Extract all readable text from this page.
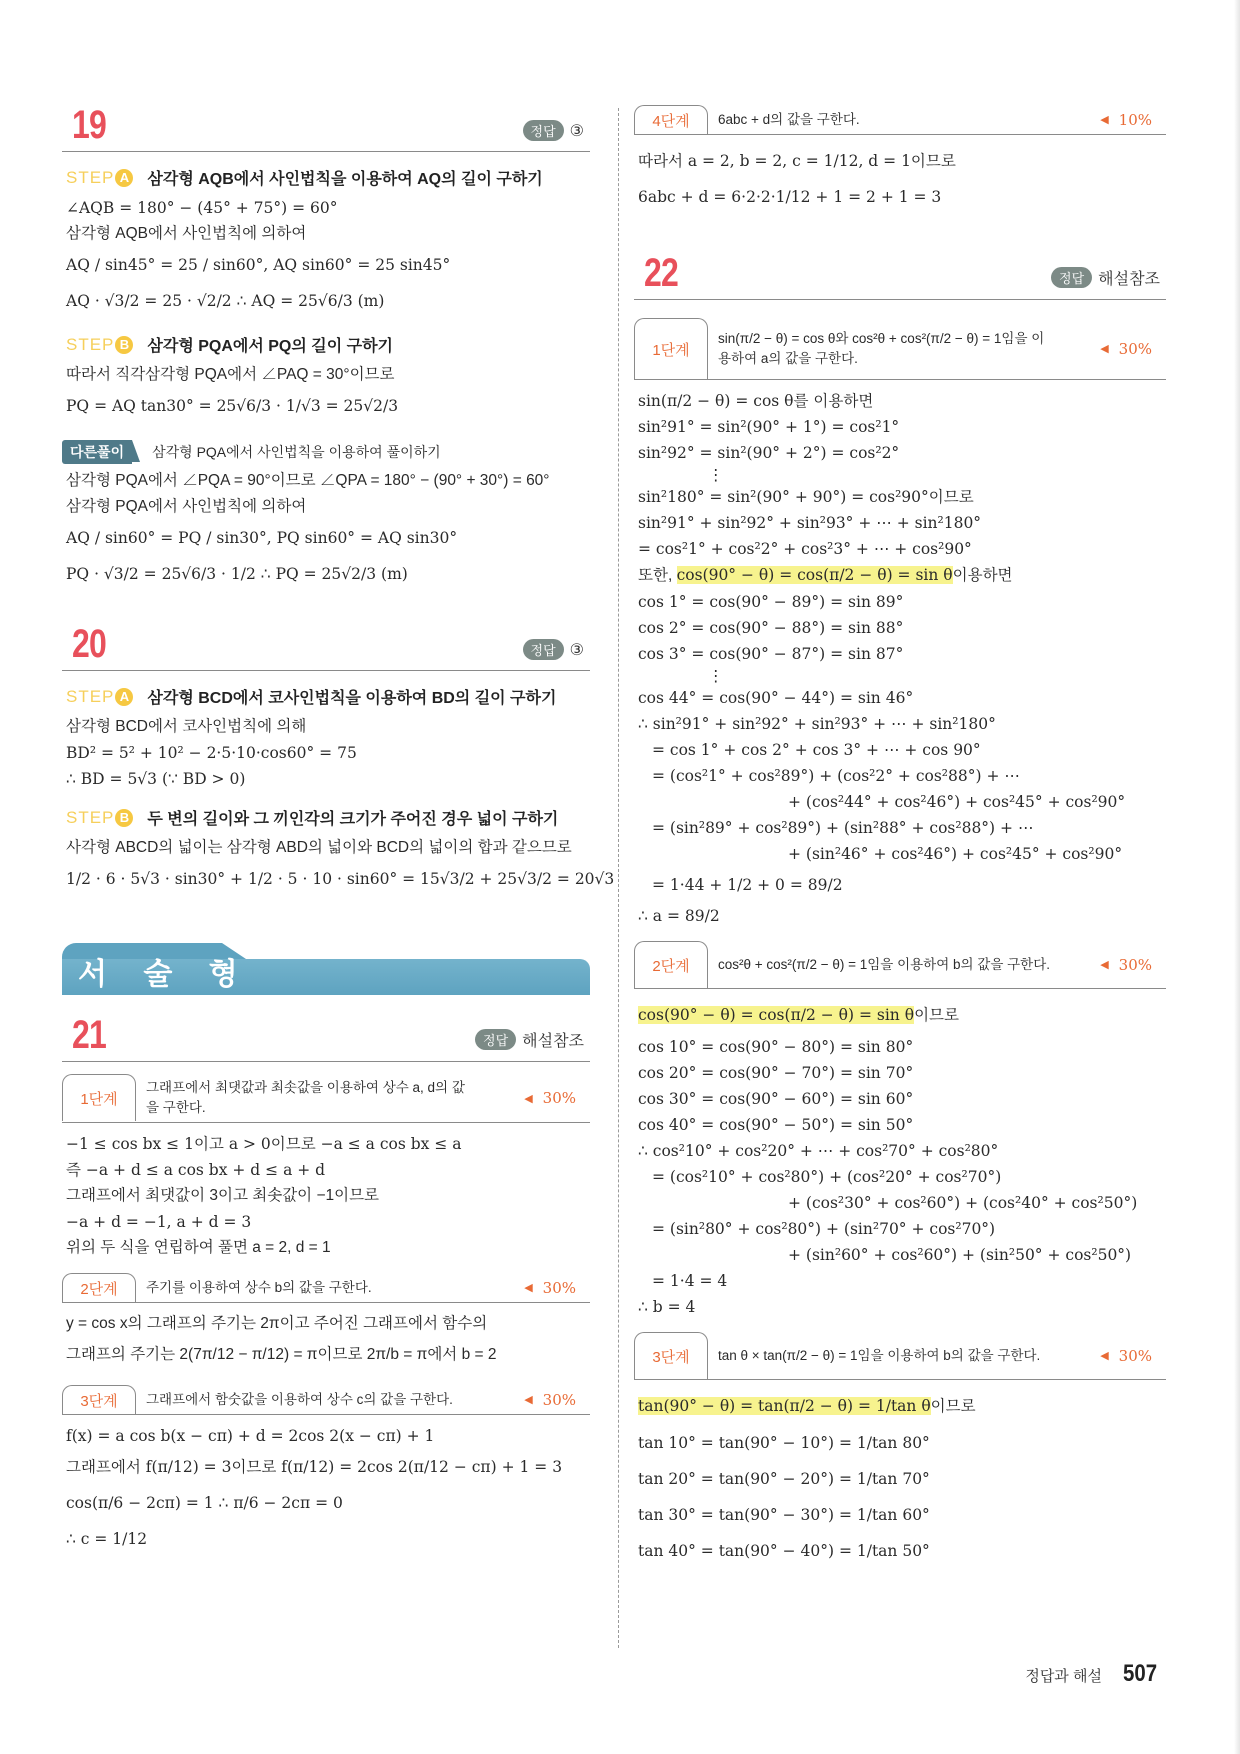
19	정답 ③
STEP A 삼각형 AQB에서 사인법칙을 이용하여 AQ의 길이 구하기
∠AQB = 180° − (45° + 75°) = 60°
삼각형 AQB에서 사인법칙에 의하여
AQ / sin45° = 25 / sin60°, AQ sin60° = 25 sin45°
AQ · √3/2 = 25 · √2/2 ∴ AQ = 25√6/3 (m)
STEP B 삼각형 PQA에서 PQ의 길이 구하기
따라서 직각삼각형 PQA에서 ∠PAQ = 30°이므로
PQ = AQ tan30° = 25√6/3 · 1/√3 = 25√2/3
다른풀이	삼각형 PQA에서 사인법칙을 이용하여 풀이하기
삼각형 PQA에서 ∠PQA = 90°이므로 ∠QPA = 180° − (90° + 30°) = 60°
삼각형 PQA에서 사인법칙에 의하여
AQ / sin60° = PQ / sin30°, PQ sin60° = AQ sin30°
PQ · √3/2 = 25√6/3 · 1/2 ∴ PQ = 25√2/3 (m)
20	정답 ③
STEP A 삼각형 BCD에서 코사인법칙을 이용하여 BD의 길이 구하기
삼각형 BCD에서 코사인법칙에 의해
BD² = 5² + 10² − 2·5·10·cos60° = 75
∴ BD = 5√3 (∵ BD > 0)
STEP B 두 변의 길이와 그 끼인각의 크기가 주어진 경우 넓이 구하기
사각형 ABCD의 넓이는 삼각형 ABD의 넓이와 BCD의 넓이의 합과 같으므로
1/2 · 6 · 5√3 · sin30° + 1/2 · 5 · 10 · sin60° = 15√3/2 + 25√3/2 = 20√3
서 술 형
21	정답 해설참조
1단계
그래프에서 최댓값과 최솟값을 이용하여 상수 a, d의 값을 구한다.
◀ 30%
−1 ≤ cos bx ≤ 1이고 a > 0이므로 −a ≤ a cos bx ≤ a
즉 −a + d ≤ a cos bx + d ≤ a + d
그래프에서 최댓값이 3이고 최솟값이 −1이므로
−a + d = −1, a + d = 3
위의 두 식을 연립하여 풀면 a = 2, d = 1
2단계	주기를 이용하여 상수 b의 값을 구한다.	◀ 30%
y = cos x의 그래프의 주기는 2π이고 주어진 그래프에서 함수의
그래프의 주기는 2(7π/12 − π/12) = π이므로 2π/b = π에서 b = 2
3단계	그래프에서 함숫값을 이용하여 상수 c의 값을 구한다.	◀ 30%
f(x) = a cos b(x − cπ) + d = 2cos 2(x − cπ) + 1
그래프에서 f(π/12) = 3이므로 f(π/12) = 2cos 2(π/12 − cπ) + 1 = 3
cos(π/6 − 2cπ) = 1 ∴ π/6 − 2cπ = 0
∴ c = 1/12
4단계	6abc + d의 값을 구한다.	◀ 10%
따라서 a = 2, b = 2, c = 1/12, d = 1이므로
6abc + d = 6·2·2·1/12 + 1 = 2 + 1 = 3
22	정답 해설참조
1단계
sin(π/2 − θ) = cos θ와 cos²θ + cos²(π/2 − θ) = 1임을 이용하여 a의 값을 구한다.
◀ 30%
sin(π/2 − θ) = cos θ를 이용하면
sin²91° = sin²(90° + 1°) = cos²1°
sin²92° = sin²(90° + 2°) = cos²2°
⋮
sin²180° = sin²(90° + 90°) = cos²90°이므로
sin²91° + sin²92° + sin²93° + ⋯ + sin²180°
= cos²1° + cos²2° + cos²3° + ⋯ + cos²90°
또한, cos(90° − θ) = cos(π/2 − θ) = sin θ이용하면
cos 1° = cos(90° − 89°) = sin 89°
cos 2° = cos(90° − 88°) = sin 88°
cos 3° = cos(90° − 87°) = sin 87°
⋮
cos 44° = cos(90° − 44°) = sin 46°
∴ sin²91° + sin²92° + sin²93° + ⋯ + sin²180°
= cos 1° + cos 2° + cos 3° + ⋯ + cos 90°
= (cos²1° + cos²89°) + (cos²2° + cos²88°) + ⋯
+ (cos²44° + cos²46°) + cos²45° + cos²90°
= (sin²89° + cos²89°) + (sin²88° + cos²88°) + ⋯
+ (sin²46° + cos²46°) + cos²45° + cos²90°
= 1·44 + 1/2 + 0 = 89/2
∴ a = 89/2
2단계	cos²θ + cos²(π/2 − θ) = 1임을 이용하여 b의 값을 구한다.	◀ 30%
cos(90° − θ) = cos(π/2 − θ) = sin θ이므로
cos 10° = cos(90° − 80°) = sin 80°
cos 20° = cos(90° − 70°) = sin 70°
cos 30° = cos(90° − 60°) = sin 60°
cos 40° = cos(90° − 50°) = sin 50°
∴ cos²10° + cos²20° + ⋯ + cos²70° + cos²80°
= (cos²10° + cos²80°) + (cos²20° + cos²70°)
+ (cos²30° + cos²60°) + (cos²40° + cos²50°)
= (sin²80° + cos²80°) + (sin²70° + cos²70°)
+ (sin²60° + cos²60°) + (sin²50° + cos²50°)
= 1·4 = 4
∴ b = 4
3단계	tan θ × tan(π/2 − θ) = 1임을 이용하여 b의 값을 구한다.	◀ 30%
tan(90° − θ) = tan(π/2 − θ) = 1/tan θ이므로
tan 10° = tan(90° − 10°) = 1/tan 80°
tan 20° = tan(90° − 20°) = 1/tan 70°
tan 30° = tan(90° − 30°) = 1/tan 60°
tan 40° = tan(90° − 40°) = 1/tan 50°
정답과 해설 507
